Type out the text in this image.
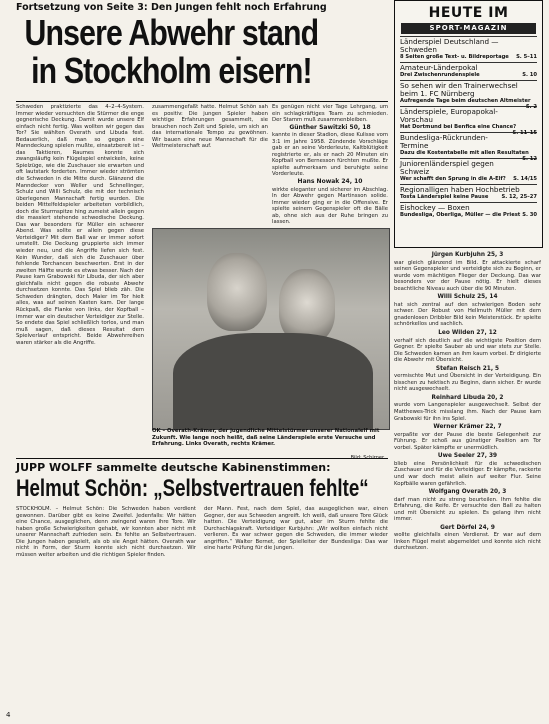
Fortsetzung von Seite 3: Den Jungen fehlt noch Erfahrung
Unsere Abwehr stand in Stockholm eisern!

Schweden praktizierte das 4–2–4-System. Immer wieder versuchten die Stürmer die enge gegnerische Deckung. Damit wurde unsere Elf einfach nicht fertig. Was wollten wir gegen das Tor? Sie wählten Overath und Libuda fest. Bedauerlich, daß man so gegen eine Manndeckung spielen mußte, einsatzbereit ist – das Taktieren, Raumes konnte sich zwangsläufig kein Flügelspiel entwickeln, keine Spielzüge, wie die Zuschauer sie erwarten und oft lautstark forderten. Immer wieder strömten die Schweden in die Mitte durch. Glänzend die Manndecker von Weller und Schnellinger, Schulz und Willi Schulz, die mit der technisch überlegenen Mannschaft fertig wurden. Die beiden Mittelfeldspieler arbeiteten vorbildlich, doch die Sturmspitze hing zumeist allein gegen die massiert stehende schwedische Deckung. Das war besonders für Müller ein schwerer Abend. Was sollte er allein gegen diese Verteidiger? Mit dem Ball war er immer sofort umstellt. Die Deckung gruppierte sich immer wieder neu, und die Angriffe liefen sich fest. Kein Wunder, daß sich die Zuschauer über fehlende Torchancen beschwerten. Erst in der zweiten Hälfte wurde es etwas besser. Nach der Pause kam Grabowski für Libuda, der sich aber gleichfalls nicht gegen die robuste Abwehr durchsetzen konnte. Das Spiel blieb zäh. Die Schweden drängten, doch Maier im Tor hielt alles, was auf seinen Kasten kam. Der lange Rückpaß, die Flanke von links, der Kopfball – immer war ein deutscher Verteidiger zur Stelle. So endete das Spiel schließlich torlos, und man muß sagen, daß dieses Resultat dem Spielverlauf entspricht. Beide Abwehrreihen waren stärker als die Angriffe.

zusammengefaßt hatte. Helmut Schön sah es positiv: Die jungen Spieler haben wichtige Erfahrungen gesammelt, sie brauchen noch Zeit und Spiele, um sich an das internationale Tempo zu gewöhnen. Wir bauen eine neue Mannschaft für die Weltmeisterschaft auf.

Es genügen nicht vier Tage Lehrgang, um ein schlagkräftiges Team zu schmieden. Der Stamm muß zusammenbleiben.

Günther Sawitzki 50, 18

kannte in dieser Stadion, diese Kulisse vom 3:1 im Jahre 1958. Zündende Vorschläge gab er an seine Vorderleute, Kaltblütigkeit registrierte er, als er nach 20 Minuten ein Kopfball von Bernesson fürchten mußte. Er spielte aufmerksam und beruhigte seine Vorderleute.

Hans Nowak 24, 10

wirkte eleganter und sicherer im Abschlag. In der Abwehr gegen Martinsson solide. Immer wieder ging er in die Offensive. Er spielte seinem Gegenspieler oft die Bälle ab, ohne sich aus der Ruhe bringen zu lassen.

OK – Overath-Krämer, der jugendliche Mittelstürmer unserer Nationalelf mit Zukunft. Wie lange noch heißt, daß seine Länderspiele erste Versuche und Erfahrung. Links Overath, rechts Krämer.
HEUTE IM
SPORT-MAGAZIN
Länderspiel Deutschland — Schweden
8 Seiten große Text- u. Bildreportage S. 5–11
Amateur-Länderpokal
Drei Zwischenrundenspiele	S. 10
So sehen wir den Trainerwechsel beim 1. FC Nürnberg
Aufregende Tage beim deutschen Altmeister
S. 2
Länderspiele, Europapokal-Vorschau
Hat Dortmund bei Benfica eine Chance?
S. 11–15
Bundesliga-Rückrunden-Termine
Dazu die Kostentabelle mit allen Resultaten
S. 12
Juniorenländerspiel gegen Schweiz
Wer schafft den Sprung in die A-Elf? S. 14/15
Regionalligen haben Hochbetrieb
Tosta Länderspiel keine Pause	S. 12, 25–27
Eishockey — Boxen
Bundesliga, Oberliga, Müller — die Priest S. 30
Jürgen Kurbjuhn 25, 3

war gleich glänzend im Bild. Er attackierte scharf seinen Gegenspieler und verteidigte sich zu Beginn, er wurde vom mächtigen Flieger der Deckung. Das war besonders vor der Pause nötig. Er hielt dieses beachtliche Niveau auch über die 90 Minuten.

Willi Schulz 25, 14

hat sich zentral auf den schwierigen Boden sehr schwer. Der Robust von Hellmuth Müller mit dem gnadenlosen Dribbler Bild kein Meisterstück. Er spielte schnörkellos und sachlich.

Leo Wilden 27, 12

verhalf sich deutlich auf die wichtigste Position dem Gegner. Er spielte Sauber ab und war stets zur Stelle. Die Schweden kamen an ihm kaum vorbei. Er dirigierte die Abwehr mit Übersicht.

Stefan Reisch 21, 5

vermischte Mut und Übersicht in der Verteidigung. Ein bisschen zu hektisch zu Beginn, dann sicher. Er wurde nicht ausgewechselt.

Reinhard Libuda 20, 2

wurde vom Langenspieler ausgewechselt. Selbst der Matthewes-Trick misslang ihm. Nach der Pause kam Grabowski für ihn ins Spiel.

Werner Krämer 22, 7

verpaßte vor der Pause die beste Gelegenheit zur Führung. Er schoß aus günstiger Position am Tor vorbei. Später kämpfte er unermüdlich.

Uwe Seeler 27, 39

blieb eine Persönlichkeit für die schwedischen Zuschauer und für die Verteidiger. Er kämpfte, rackerte und war doch meist allein auf weiter Flur. Seine Kopfbälle waren gefährlich.

Wolfgang Overath 20, 3

darf man nicht zu streng beurteilen. Ihm fehlte die Erfahrung, die Reife. Er versuchte den Ball zu halten und mit Übersicht zu spielen. Es gelang ihm nicht immer.

Gert Dörfel 24, 9

wollte gleichfalls einen Verdienst. Er war auf dem linken Flügel meist abgemeldet und konnte sich nicht durchsetzen.

JUPP WOLFF sammelte deutsche Kabinenstimmen:
Helmut Schön: „Selbstvertrauen fehlte“

STOCKHOLM. – Helmut Schön: Die Schweden haben verdient gewonnen. Darüber gibt es keine Zweifel. Jedenfalls: Wir hätten eine Chance, ausgeglichen, denn zwingend waren ihre Tore. Wir haben große Schwierigkeiten gehabt, wir konnten aber nicht mit unserer Mannschaft zufrieden sein. Es fehlte an Selbstvertrauen. Die Jungen haben gespielt, als ob sie Angst hätten. Overath war nicht in Form, der Sturm konnte sich nicht durchsetzen. Wir müssen weiter arbeiten und die richtigen Spieler finden.

der Mann. Fest, nach dem Spiel, das ausgeglichen war, einen Gegner, der aus Schweden angreift. Ich weiß, daß unsere Tore Glück hatten. Die Verteidigung war gut, aber im Sturm fehlte die Durchschlagskraft. Verteidiger Kurbjuhn: „Wir wollten einfach nicht verlieren. Es war schwer gegen die Schweden, die immer wieder angriffen.“ Walter Bernet, der Spielleiter der Bundesliga: Das war eine harte Prüfung für die Jungen.

4
